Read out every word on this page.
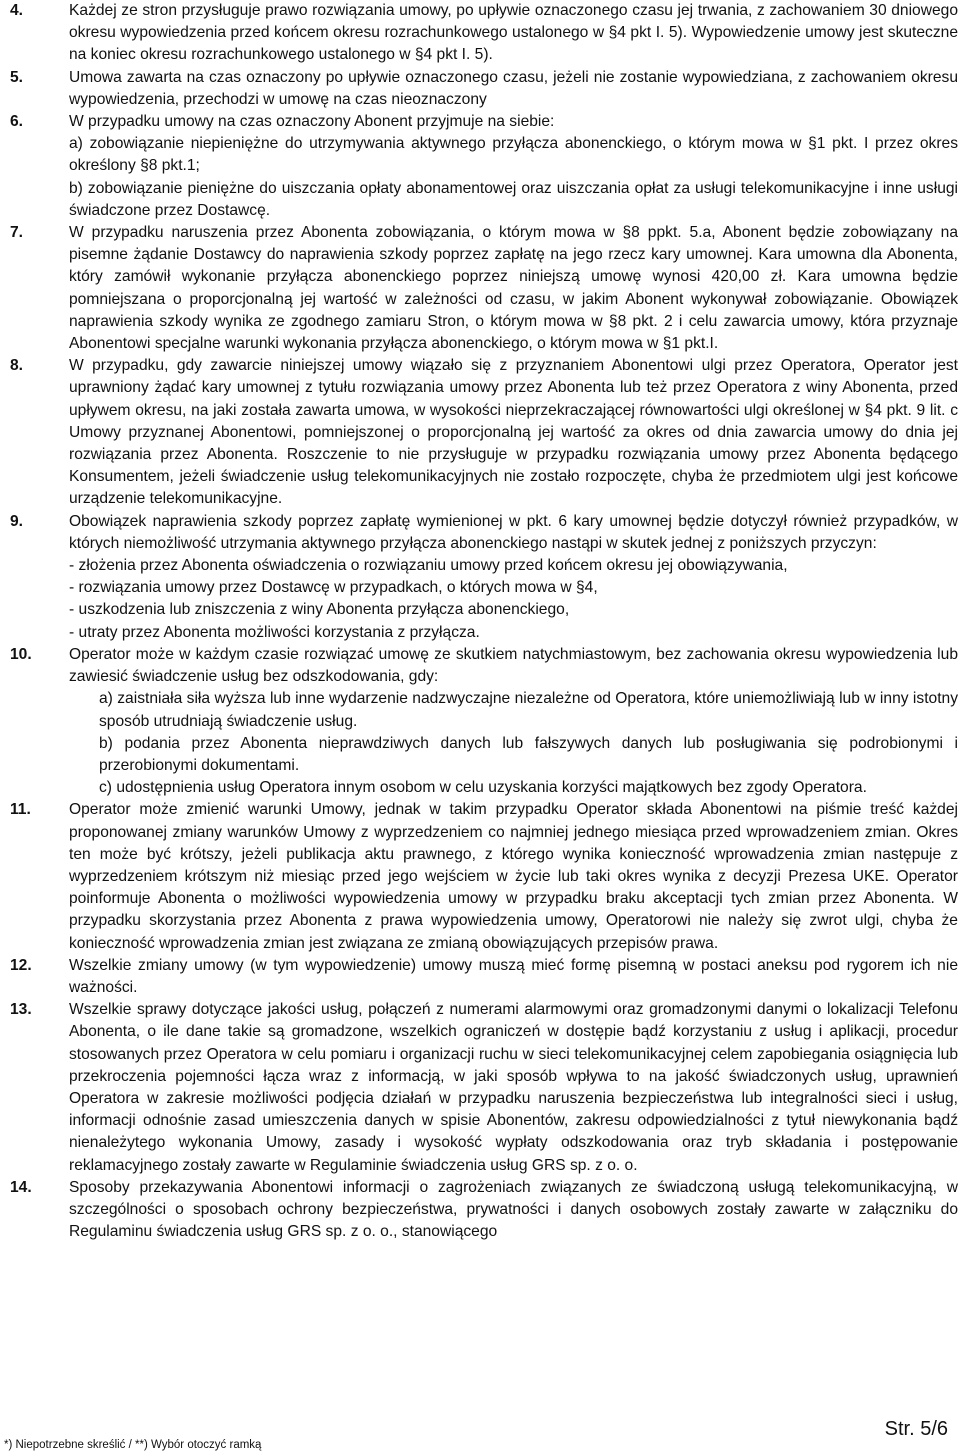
4.	Każdej ze stron przysługuje prawo rozwiązania umowy, po upływie oznaczonego czasu jej trwania, z zachowaniem 30 dniowego okresu wypowiedzenia przed końcem okresu rozrachunkowego ustalonego w §4 pkt I. 5). Wypowiedzenie umowy jest skuteczne na koniec okresu rozrachunkowego ustalonego w §4 pkt I. 5).
5.	Umowa zawarta na czas oznaczony po upływie oznaczonego czasu, jeżeli nie zostanie wypowiedziana, z zachowaniem okresu wypowiedzenia, przechodzi w umowę na czas nieoznaczony
6.	W przypadku umowy na czas oznaczony Abonent przyjmuje na siebie:
a) zobowiązanie niepieniężne do utrzymywania aktywnego przyłącza abonenckiego, o którym mowa w §1 pkt. I przez okres określony §8 pkt.1;
b) zobowiązanie pieniężne do uiszczania opłaty abonamentowej oraz uiszczania opłat za usługi telekomunikacyjne i inne usługi świadczone przez Dostawcę.
7.	W przypadku naruszenia przez Abonenta zobowiązania, o którym mowa w §8 ppkt. 5.a, Abonent będzie zobowiązany na pisemne żądanie Dostawcy do naprawienia szkody poprzez zapłatę na jego rzecz kary umownej. Kara umowna dla Abonenta, który zamówił wykonanie przyłącza abonenckiego poprzez niniejszą umowę wynosi 420,00 zł. Kara umowna będzie pomniejszana o proporcjonalną jej wartość w zależności od czasu, w jakim Abonent wykonywał zobowiązanie. Obowiązek naprawienia szkody wynika ze zgodnego zamiaru Stron, o którym mowa w §8 pkt. 2 i celu zawarcia umowy, która przyznaje Abonentowi specjalne warunki wykonania przyłącza abonenckiego, o którym mowa w §1 pkt.I.
8.	W przypadku, gdy zawarcie niniejszej umowy wiązało się z przyznaniem Abonentowi ulgi przez Operatora, Operator jest uprawniony żądać kary umownej z tytułu rozwiązania umowy przez Abonenta lub też przez Operatora z winy Abonenta, przed upływem okresu, na jaki została zawarta umowa, w wysokości nieprzekraczającej równowartości ulgi określonej w §4 pkt. 9 lit. c Umowy przyznanej Abonentowi, pomniejszonej o proporcjonalną jej wartość za okres od dnia zawarcia umowy do dnia jej rozwiązania przez Abonenta. Roszczenie to nie przysługuje w przypadku rozwiązania umowy przez Abonenta będącego Konsumentem, jeżeli świadczenie usług telekomunikacyjnych nie zostało rozpoczęte, chyba że przedmiotem ulgi jest końcowe urządzenie telekomunikacyjne.
9.	Obowiązek naprawienia szkody poprzez zapłatę wymienionej w pkt. 6 kary umownej będzie dotyczył również przypadków, w których niemożliwość utrzymania aktywnego przyłącza abonenckiego nastąpi w skutek jednej z poniższych przyczyn:
- złożenia przez Abonenta oświadczenia o rozwiązaniu umowy przed końcem okresu jej obowiązywania,
- rozwiązania umowy przez Dostawcę w przypadkach, o których mowa w §4,
- uszkodzenia lub zniszczenia z winy Abonenta przyłącza abonenckiego,
- utraty przez Abonenta możliwości korzystania z przyłącza.
10.	Operator może w każdym czasie rozwiązać umowę ze skutkiem natychmiastowym, bez zachowania okresu wypowiedzenia lub zawiesić świadczenie usług bez odszkodowania, gdy:
a) zaistniała siła wyższa lub inne wydarzenie nadzwyczajne niezależne od Operatora, które uniemożliwiają lub w inny istotny sposób utrudniają świadczenie usług.
b) podania przez Abonenta nieprawdziwych danych lub fałszywych danych lub posługiwania się podrobionymi i przerobionymi dokumentami.
c) udostępnienia usług Operatora innym osobom w celu uzyskania korzyści majątkowych bez zgody Operatora.
11.	Operator może zmienić warunki Umowy, jednak w takim przypadku Operator składa Abonentowi na piśmie treść każdej proponowanej zmiany warunków Umowy z wyprzedzeniem co najmniej jednego miesiąca przed wprowadzeniem zmian. Okres ten może być krótszy, jeżeli publikacja aktu prawnego, z którego wynika konieczność wprowadzenia zmian następuje z wyprzedzeniem krótszym niż miesiąc przed jego wejściem w życie lub taki okres wynika z decyzji Prezesa UKE. Operator poinformuje Abonenta o możliwości wypowiedzenia umowy w przypadku braku akceptacji tych zmian przez Abonenta. W przypadku skorzystania przez Abonenta z prawa wypowiedzenia umowy, Operatorowi nie należy się zwrot ulgi, chyba że konieczność wprowadzenia zmian jest związana ze zmianą obowiązujących przepisów prawa.
12.	Wszelkie zmiany umowy (w tym wypowiedzenie) umowy muszą mieć formę pisemną w postaci aneksu pod rygorem ich nie ważności.
13.	Wszelkie sprawy dotyczące jakości usług, połączeń z numerami alarmowymi oraz gromadzonymi danymi o lokalizacji Telefonu Abonenta, o ile dane takie są gromadzone, wszelkich ograniczeń w dostępie bądź korzystaniu z usług i aplikacji, procedur stosowanych przez Operatora w celu pomiaru i organizacji ruchu w sieci telekomunikacyjnej celem zapobiegania osiągnięcia lub przekroczenia pojemności łącza wraz z informacją, w jaki sposób wpływa to na jakość świadczonych usług, uprawnień Operatora w zakresie możliwości podjęcia działań w przypadku naruszenia bezpieczeństwa lub integralności sieci i usług, informacji odnośnie zasad umieszczenia danych w spisie Abonentów, zakresu odpowiedzialności z tytuł niewykonania bądź nienależytego wykonania Umowy, zasady i wysokość wypłaty odszkodowania oraz tryb składania i postępowanie reklamacyjnego zostały zawarte w Regulaminie świadczenia usług GRS sp. z o. o.
14.	Sposoby przekazywania Abonentowi informacji o zagrożeniach związanych ze świadczoną usługą telekomunikacyjną, w szczególności o sposobach ochrony bezpieczeństwa, prywatności i danych osobowych zostały zawarte w załączniku do Regulaminu świadczenia usług GRS sp. z o. o., stanowiącego
*) Niepotrzebne skreślić / **) Wybór otoczyć ramką
Str. 5/6
